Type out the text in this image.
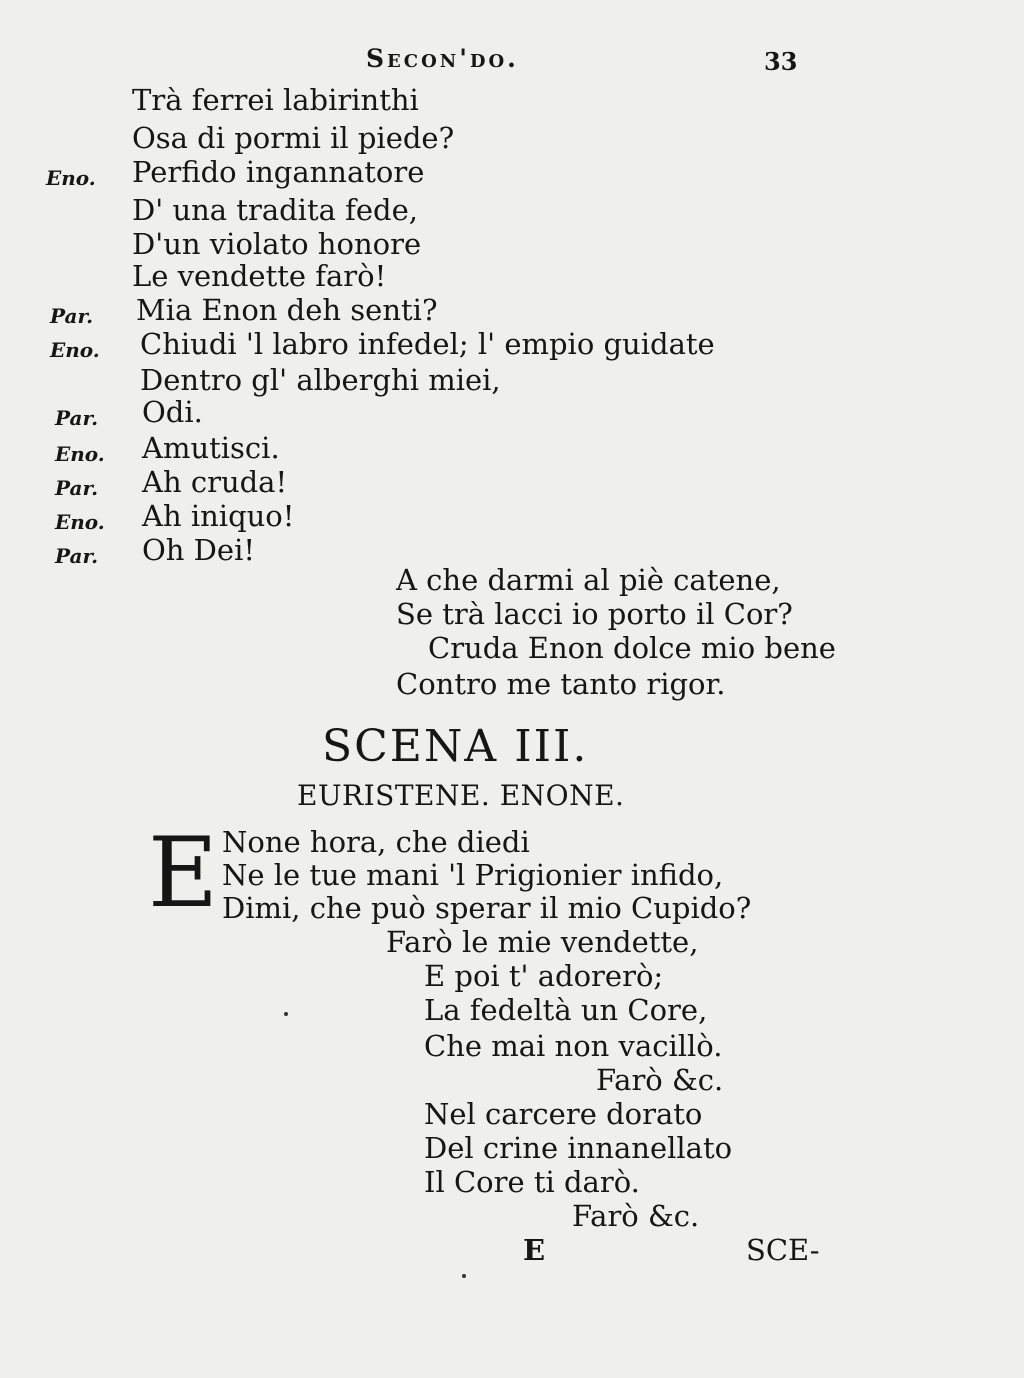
Secon'do.	33
Trà ferrei labirinthi
Osa di pormi il piede?
Eno. Perfido ingannatore
D' una tradita fede,
D'un violato honore
Le vendette farò!
Par. Mia Enon deh senti?
Eno. Chiudi 'l labro infedel; l' empio guidate
Dentro gl' alberghi miei,
Par. Odi.
Eno. Amutisci.
Par. Ah cruda!
Eno. Ah iniquo!
Par. Oh Dei!
A che darmi al piè catene,
Se trà lacci io porto il Cor?
Cruda Enon dolce mio bene
Contro me tanto rigor.
SCENA III.
EURISTENE. ENONE.
E None hora, che diedi
Ne le tue mani 'l Prigionier infido,
Dimi, che può sperar il mio Cupido?
Farò le mie vendette,
E poi t' adorerò;
La fedeltà un Core,
Che mai non vacillò.
Farò &c.
Nel carcere dorato
Del crine innanellato
Il Core ti darò.
Farò &c.
E	SCE-
